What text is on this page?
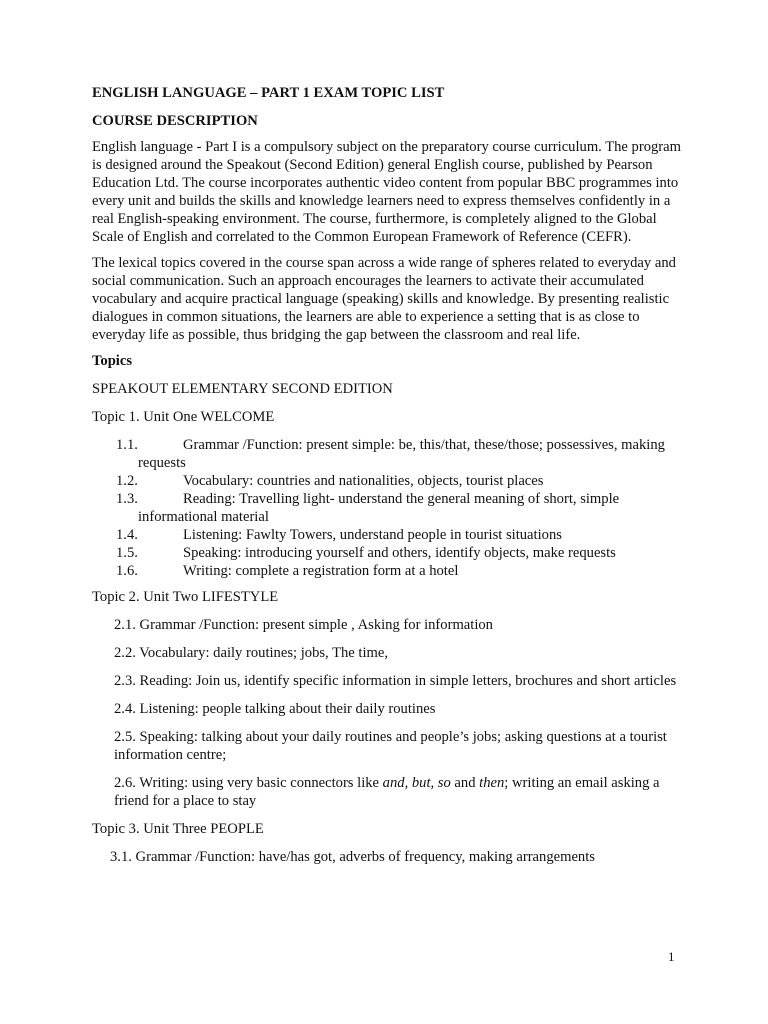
ENGLISH LANGUAGE – PART 1 EXAM TOPIC LIST
COURSE DESCRIPTION

English language - Part I is a compulsory subject on the preparatory course curriculum. The program is designed around the Speakout (Second Edition) general English course, published by Pearson Education Ltd. The course incorporates authentic video content from popular BBC programmes into every unit and builds the skills and knowledge learners need to express themselves confidently in a real English-speaking environment. The course, furthermore, is completely aligned to the Global Scale of English and correlated to the Common European Framework of Reference (CEFR).

The lexical topics covered in the course span across a wide range of spheres related to everyday and social communication. Such an approach encourages the learners to activate their accumulated vocabulary and acquire practical language (speaking) skills and knowledge. By presenting realistic dialogues in common situations, the learners are able to experience a setting that is as close to everyday life as possible, thus bridging the gap between the classroom and real life.

Topics
SPEAKOUT ELEMENTARY SECOND EDITION
Topic 1. Unit One WELCOME
1.1.	Grammar /Function: present simple: be, this/that, these/those; possessives, making requests
1.2.	Vocabulary: countries and nationalities, objects, tourist places
1.3.	Reading: Travelling light- understand the general meaning of short, simple informational material
1.4.	Listening: Fawlty Towers, understand people in tourist situations
1.5.	Speaking: introducing yourself and others, identify objects, make requests
1.6.	Writing: complete a registration form at a hotel
Topic 2. Unit Two LIFESTYLE
2.1. Grammar /Function: present simple , Asking for information
2.2. Vocabulary: daily routines; jobs, The time,
2.3. Reading: Join us, identify specific information in simple letters, brochures and short articles
2.4. Listening: people talking about their daily routines
2.5. Speaking: talking about your daily routines and people’s jobs; asking questions at a tourist information centre;
2.6. Writing: using very basic connectors like and, but, so and then; writing an email asking a friend for a place to stay
Topic 3. Unit Three PEOPLE
3.1. Grammar /Function: have/has got, adverbs of frequency, making arrangements
1
